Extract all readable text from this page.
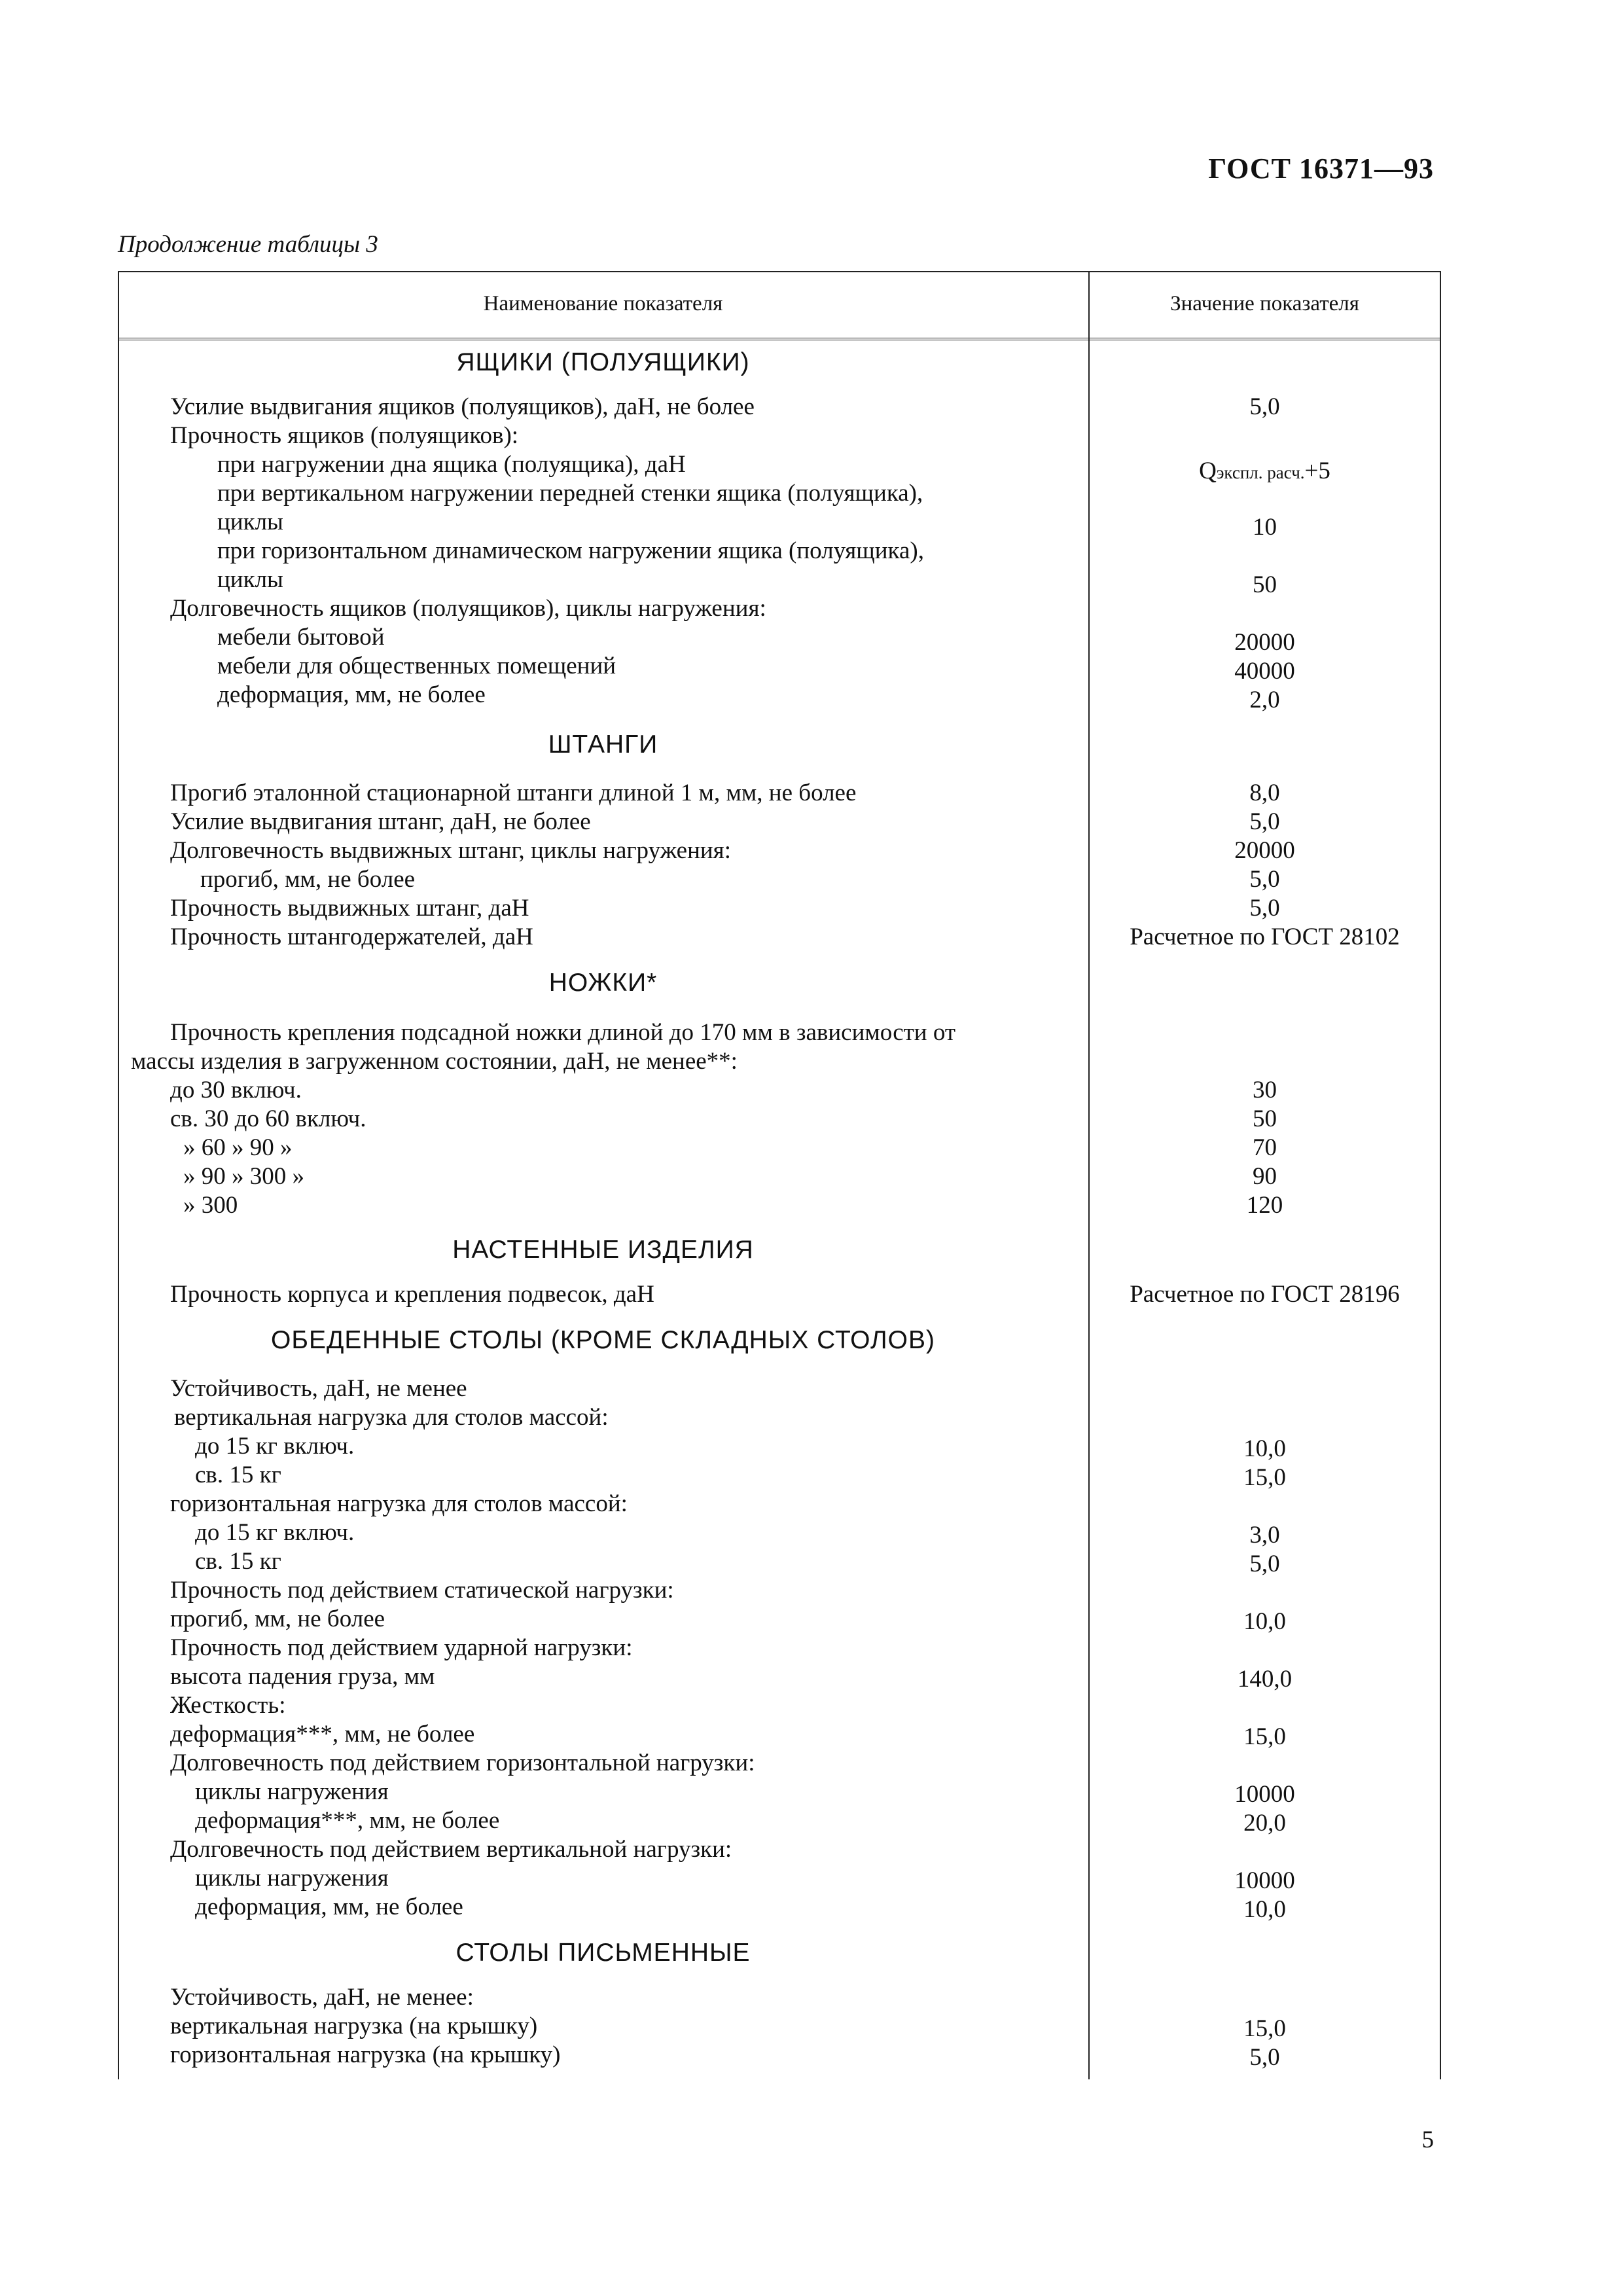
ГОСТ 16371—93
Продолжение таблицы 3
Наименование показателя	Значение показателя
ЯЩИКИ (ПОЛУЯЩИКИ)
Усилие выдвигания ящиков (полуящиков), даН, не более	5,0
Прочность ящиков (полуящиков):
при нагружении дна ящика (полуящика), даН	Qэкспл. расч.+5
при вертикальном нагружении передней стенки ящика (полуящика),
циклы	10
при горизонтальном динамическом нагружении ящика (полуящика),
циклы	50
Долговечность ящиков (полуящиков), циклы нагружения:
мебели бытовой	20000
мебели для общественных помещений	40000
деформация, мм, не более	2,0
ШТАНГИ
Прогиб эталонной стационарной штанги длиной 1 м, мм, не более	8,0
Усилие выдвигания штанг, даН, не более	5,0
Долговечность выдвижных штанг, циклы нагружения:	20000
прогиб, мм, не более	5,0
Прочность выдвижных штанг, даН	5,0
Прочность штангодержателей, даН	Расчетное по ГОСТ 28102
НОЖКИ*
Прочность крепления подсадной ножки длиной до 170 мм в зависимости от
массы изделия в загруженном состоянии, даН, не менее**:
до 30 включ.	30
св. 30 до 60 включ.	50
» 60 » 90 »	70
» 90 » 300 »	90
» 300	120
НАСТЕННЫЕ ИЗДЕЛИЯ
Прочность корпуса и крепления подвесок, даН	Расчетное по ГОСТ 28196
ОБЕДЕННЫЕ СТОЛЫ (КРОМЕ СКЛАДНЫХ СТОЛОВ)
Устойчивость, даН, не менее
вертикальная нагрузка для столов массой:
до 15 кг включ.	10,0
св. 15 кг	15,0
горизонтальная нагрузка для столов массой:
до 15 кг включ.	3,0
св. 15 кг	5,0
Прочность под действием статической нагрузки:
прогиб, мм, не более	10,0
Прочность под действием ударной нагрузки:
высота падения груза, мм	140,0
Жесткость:
деформация***, мм, не более	15,0
Долговечность под действием горизонтальной нагрузки:
циклы нагружения	10000
деформация***, мм, не более	20,0
Долговечность под действием вертикальной нагрузки:
циклы нагружения	10000
деформация, мм, не более	10,0
СТОЛЫ ПИСЬМЕННЫЕ
Устойчивость, даН, не менее:
вертикальная нагрузка (на крышку)	15,0
горизонтальная нагрузка (на крышку)	5,0
5
